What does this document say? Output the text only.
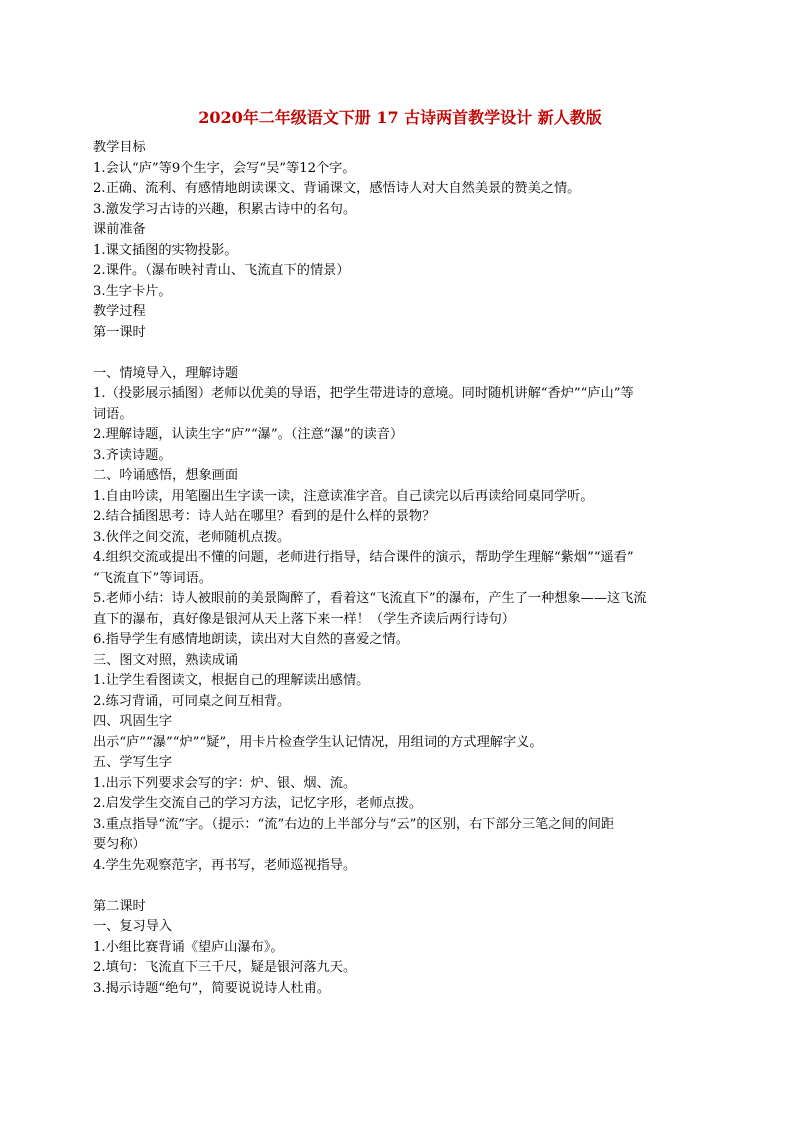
2020年二年级语文下册 17 古诗两首教学设计 新人教版
教学目标
1.会认“庐”等9个生字，会写“吴”等12个字。
2.正确、流利、有感情地朗读课文、背诵课文，感悟诗人对大自然美景的赞美之情。
3.激发学习古诗的兴趣，积累古诗中的名句。
课前准备
1.课文插图的实物投影。
2.课件。（瀑布映衬青山、飞流直下的情景）
3.生字卡片。
教学过程
第一课时
一、情境导入，理解诗题
1.（投影展示插图）老师以优美的导语，把学生带进诗的意境。同时随机讲解“香炉”“庐山”等
词语。
2.理解诗题，认读生字“庐”“瀑”。（注意“瀑”的读音）
3.齐读诗题。
二、吟诵感悟，想象画面
1.自由吟读，用笔圈出生字读一读，注意读准字音。自己读完以后再读给同桌同学听。
2.结合插图思考：诗人站在哪里？看到的是什么样的景物？
3.伙伴之间交流，老师随机点拨。
4.组织交流或提出不懂的问题，老师进行指导，结合课件的演示，帮助学生理解“紫烟”“遥看”
“飞流直下”等词语。
5.老师小结：诗人被眼前的美景陶醉了，看着这“飞流直下”的瀑布，产生了一种想象——这飞流
直下的瀑布，真好像是银河从天上落下来一样！（学生齐读后两行诗句）
6.指导学生有感情地朗读，读出对大自然的喜爱之情。
三、图文对照，熟读成诵
1.让学生看图读文，根据自己的理解读出感情。
2.练习背诵，可同桌之间互相背。
四、巩固生字
出示“庐”“瀑”“炉”“疑”，用卡片检查学生认记情况，用组词的方式理解字义。
五、学写生字
1.出示下列要求会写的字：炉、银、烟、流。
2.启发学生交流自己的学习方法，记忆字形，老师点拨。
3.重点指导“流”字。（提示：“流”右边的上半部分与“云”的区别，右下部分三笔之间的间距
要匀称）
4.学生先观察范字，再书写，老师巡视指导。
第二课时
一、复习导入
1.小组比赛背诵《望庐山瀑布》。
2.填句：飞流直下三千尺，疑是银河落九天。
3.揭示诗题“绝句”，简要说说诗人杜甫。
